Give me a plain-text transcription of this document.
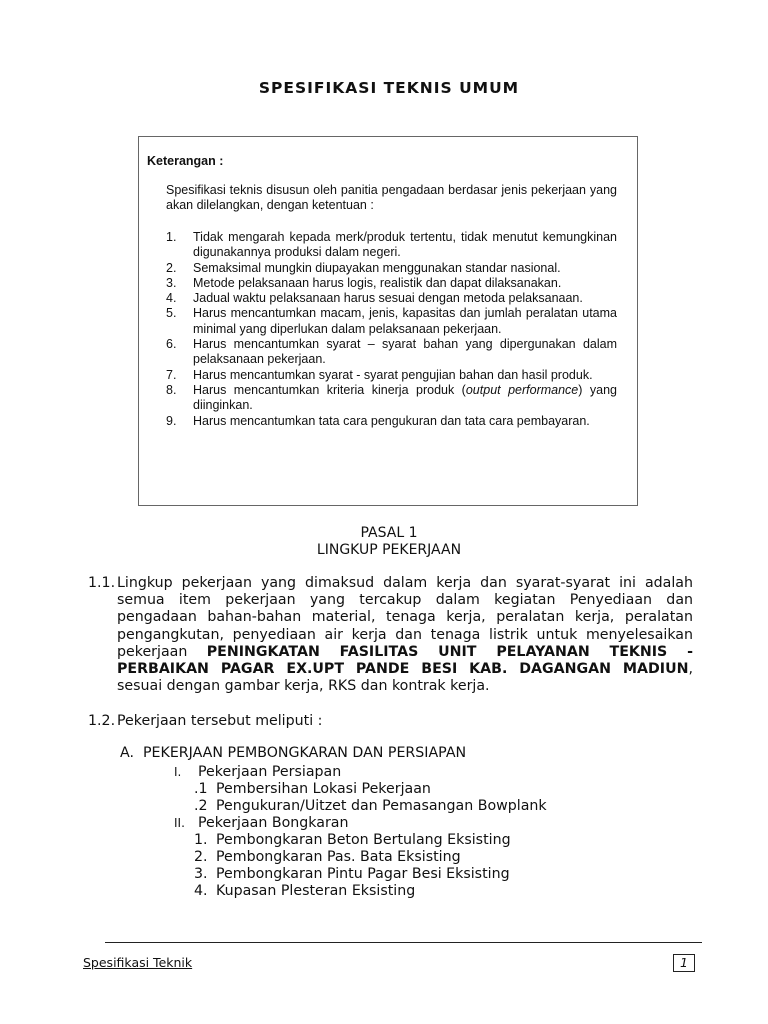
SPESIFIKASI TEKNIS UMUM
Keterangan :

Spesifikasi teknis disusun oleh panitia pengadaan berdasar jenis pekerjaan yang akan dilelangkan, dengan ketentuan :

1. Tidak mengarah kepada merk/produk tertentu, tidak menutut kemungkinan digunakannya produksi dalam negeri.
2. Semaksimal mungkin diupayakan menggunakan standar nasional.
3. Metode pelaksanaan harus logis, realistik dan dapat dilaksanakan.
4. Jadual waktu pelaksanaan harus sesuai dengan metoda pelaksanaan.
5. Harus mencantumkan macam, jenis, kapasitas dan jumlah peralatan utama minimal yang diperlukan dalam pelaksanaan pekerjaan.
6. Harus mencantumkan syarat – syarat bahan yang dipergunakan dalam pelaksanaan pekerjaan.
7. Harus mencantumkan syarat - syarat pengujian bahan dan hasil produk.
8. Harus mencantumkan kriteria kinerja produk (output performance) yang diinginkan.
9. Harus mencantumkan tata cara pengukuran dan tata cara pembayaran.
PASAL 1
LINGKUP PEKERJAAN
1.1. Lingkup pekerjaan yang dimaksud dalam kerja dan syarat-syarat ini adalah semua item pekerjaan yang tercakup dalam kegiatan Penyediaan dan pengadaan bahan-bahan material, tenaga kerja, peralatan kerja, peralatan pengangkutan, penyediaan air kerja dan tenaga listrik untuk menyelesaikan pekerjaan PENINGKATAN FASILITAS UNIT PELAYANAN TEKNIS -PERBAIKAN PAGAR EX.UPT PANDE BESI KAB. DAGANGAN MADIUN, sesuai dengan gambar kerja, RKS dan kontrak kerja.
1.2. Pekerjaan tersebut meliputi :
A. PEKERJAAN PEMBONGKARAN DAN PERSIAPAN
I. Pekerjaan Persiapan
.1 Pembersihan Lokasi Pekerjaan
.2 Pengukuran/Uitzet dan Pemasangan Bowplank
II. Pekerjaan Bongkaran
1. Pembongkaran Beton Bertulang Eksisting
2. Pembongkaran Pas. Bata Eksisting
3. Pembongkaran Pintu Pagar Besi Eksisting
4. Kupasan Plesteran Eksisting
Spesifikasi Teknik	1
